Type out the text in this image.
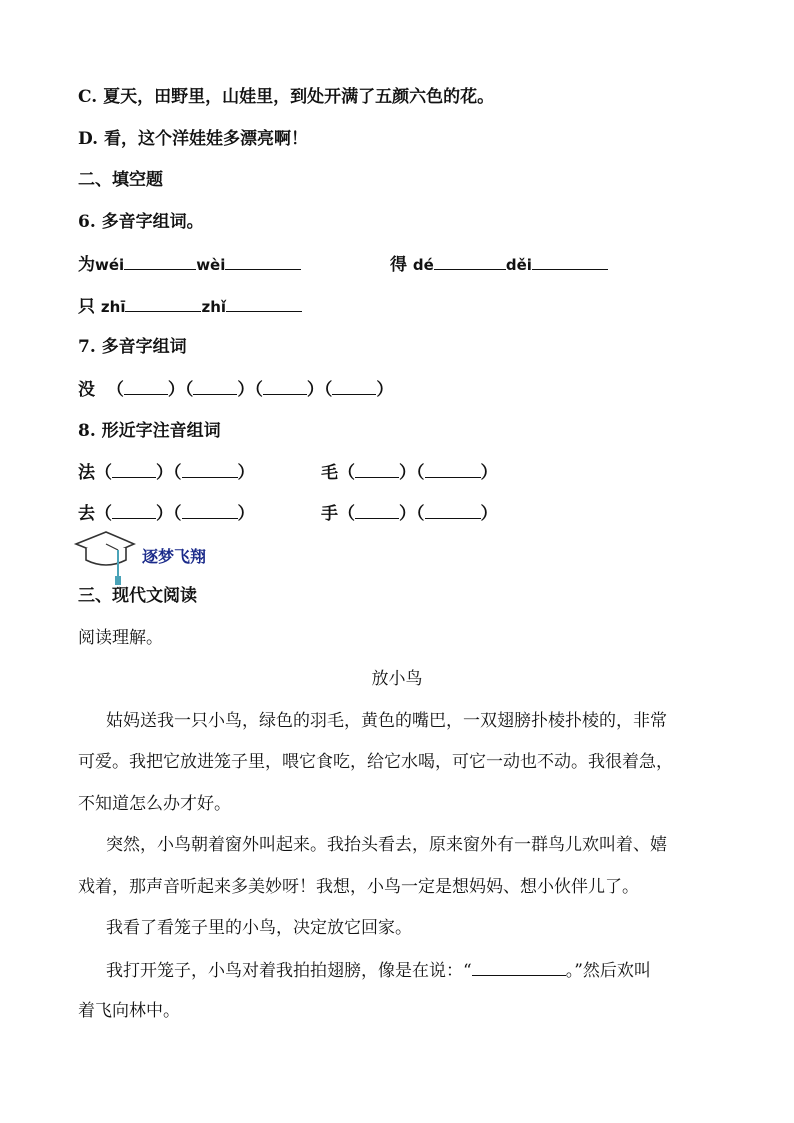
C. 夏天，田野里，山娃里，到处开满了五颜六色的花。
D. 看，这个洋娃娃多漂亮啊！
二、填空题
6. 多音字组词。
为wéi	wèi	得 dé	děi
只 zhī	zhǐ
7. 多音字组词
没  （	）（	）（	）（	）
8. 形近字注音组词
法（	）（	）	毛（	）（	）
去（	）（	）	手（	）（	）
逐梦飞翔
三、现代文阅读
阅读理解。
放小鸟
姑妈送我一只小鸟，绿色的羽毛，黄色的嘴巴，一双翅膀扑棱扑棱的，非常
可爱。我把它放进笼子里，喂它食吃，给它水喝，可它一动也不动。我很着急，
不知道怎么办才好。
突然，小鸟朝着窗外叫起来。我抬头看去，原来窗外有一群鸟儿欢叫着、嬉
戏着，那声音听起来多美妙呀！我想，小鸟一定是想妈妈、想小伙伴儿了。
我看了看笼子里的小鸟，决定放它回家。
我打开笼子，小鸟对着我拍拍翅膀，像是在说：“	。”然后欢叫
着飞向林中。
